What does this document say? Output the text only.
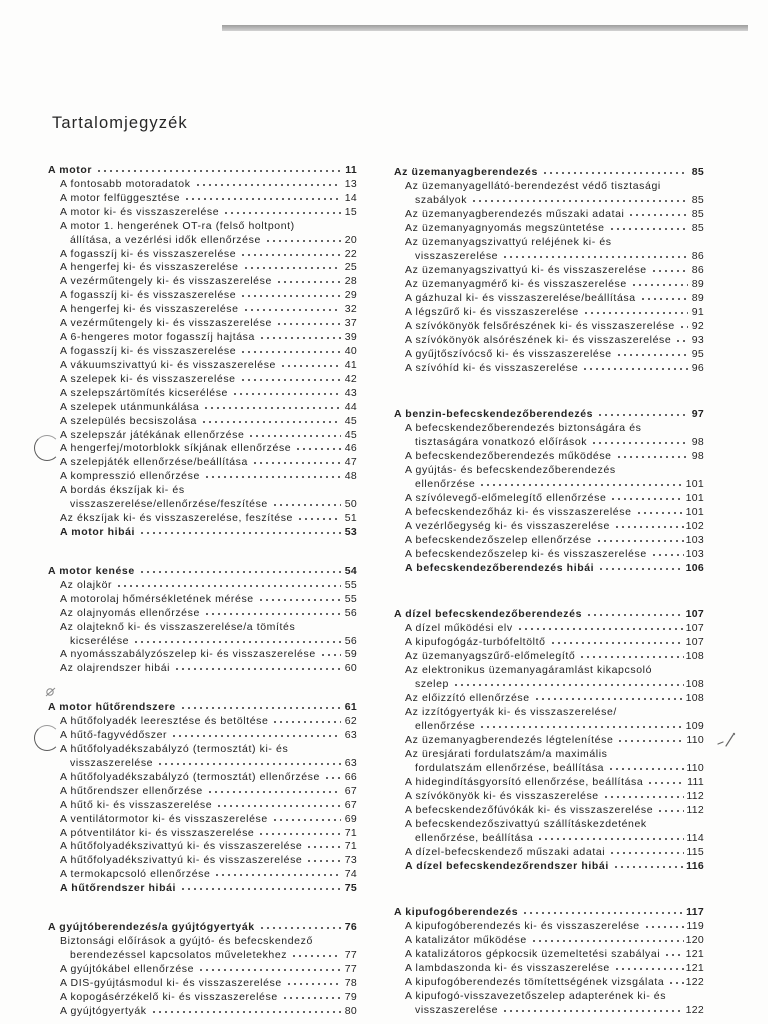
Tartalomjegyzék
A motor	11
A fontosabb motoradatok	13
A motor felfüggesztése	14
A motor ki- és visszaszerelése	15
A motor 1. hengerének OT-ra (felső holtpont)
állítása, a vezérlési idők ellenőrzése	20
A fogasszíj ki- és visszaszerelése	22
A hengerfej ki- és visszaszerelése	25
A vezérműtengely ki- és visszaszerelése	28
A fogasszíj ki- és visszaszerelése	29
A hengerfej ki- és visszaszerelése	32
A vezérműtengely ki- és visszaszerelése	37
A 6-hengeres motor fogasszíj hajtása	39
A fogasszíj ki- és visszaszerelése	40
A vákuumszivattyú ki- és visszaszerelése	41
A szelepek ki- és visszaszerelése	42
A szelepszártömítés kicserélése	43
A szelepek utánmunkálása	44
A szelepülés becsiszolása	45
A szelepszár játékának ellenőrzése	45
A hengerfej/motorblokk síkjának ellenőrzése	46
A szelepjáték ellenőrzése/beállítása	47
A kompresszió ellenőrzése	48
A bordás ékszíjak ki- és
visszaszerelése/ellenőrzése/feszítése	50
Az ékszíjak ki- és visszaszerelése, feszítése	51
A motor hibái	53
A motor kenése	54
Az olajkör	55
A motorolaj hőmérsékletének mérése	55
Az olajnyomás ellenőrzése	56
Az olajteknő ki- és visszaszerelése/a tömítés
kicserélése	56
A nyomásszabályzószelep ki- és visszaszerelése	59
Az olajrendszer hibái	60
A motor hűtőrendszere	61
A hűtőfolyadék leeresztése és betöltése	62
A hűtő-fagyvédőszer	63
A hűtőfolyadékszabályzó (termosztát) ki- és
visszaszerelése	63
A hűtőfolyadékszabályzó (termosztát) ellenőrzése 66
A hűtőrendszer ellenőrzése	67
A hűtő ki- és visszaszerelése	67
A ventilátormotor ki- és visszaszerelése	69
A pótventilátor ki- és visszaszerelése	71
A hűtőfolyadékszivattyú ki- és visszaszerelése	71
A hűtőfolyadékszivattyú ki- és visszaszerelése	73
A termokapcsoló ellenőrzése	74
A hűtőrendszer hibái	75
A gyújtóberendezés/a gyújtógyertyák	76
Biztonsági előírások a gyújtó- és befecskendező
berendezéssel kapcsolatos műveletekhez	77
A gyújtókábel ellenőrzése	77
A DIS-gyújtásmodul ki- és visszaszerelése	78
A kopogásérzékelő ki- és visszaszerelése	79
A gyújtógyertyák	80
Az üzemanyagberendezés	85
Az üzemanyagellátó-berendezést védő tisztasági
szabályok	85
Az üzemanyagberendezés műszaki adatai	85
Az üzemanyagnyomás megszüntetése	85
Az üzemanyagszivattyú reléjének ki- és
visszaszerelése	86
Az üzemanyagszivattyú ki- és visszaszerelése	86
Az üzemanyagmérő ki- és visszaszerelése	89
A gázhuzal ki- és visszaszerelése/beállítása	89
A légszűrő ki- és visszaszerelése	91
A szívókönyök felsőrészének ki- és visszaszerelése 92
A szívókönyök alsórészének ki- és visszaszerelése 93
A gyűjtőszívócső ki- és visszaszerelése	95
A szívóhíd ki- és visszaszerelése	96
A benzin-befecskendezőberendezés	97
A befecskendezőberendezés biztonságára és
tisztaságára vonatkozó előírások	98
A befecskendezőberendezés működése	98
A gyújtás- és befecskendezőberendezés
ellenőrzése	101
A szívólevegő-előmelegítő ellenőrzése	101
A befecskendezőház ki- és visszaszerelése	101
A vezérlőegység ki- és visszaszerelése	102
A befecskendezőszelep ellenőrzése	103
A befecskendezőszelep ki- és visszaszerelése	103
A befecskendezőberendezés hibái	106
A dízel befecskendezőberendezés	107
A dízel működési elv	107
A kipufogógáz-turbófeltöltő	107
Az üzemanyagszűrő-előmelegítő	108
Az elektronikus üzemanyagáramlást kikapcsoló
szelep	108
Az előizzító ellenőrzése	108
Az izzítógyertyák ki- és visszaszerelése/
ellenőrzése	109
Az üzemanyagberendezés légtelenítése	110
Az üresjárati fordulatszám/a maximális
fordulatszám ellenőrzése, beállítása	110
A hidegindításgyorsító ellenőrzése, beállítása	111
A szívókönyök ki- és visszaszerelése	112
A befecskendezőfúvókák ki- és visszaszerelése	112
A befecskendezőszivattyú szállításkezdetének
ellenőrzése, beállítása	114
A dízel-befecskendező műszaki adatai	115
A dízel befecskendezőrendszer hibái	116
A kipufogóberendezés	117
A kipufogóberendezés ki- és visszaszerelése	119
A katalizátor működése	120
A katalizátoros gépkocsik üzemeltetési szabályai 121
A lambdaszonda ki- és visszaszerelése	121
A kipufogóberendezés tömítettségének vizsgálata 122
A kipufogó-visszavezetőszelep adapterének ki- és
visszaszerelése	122
